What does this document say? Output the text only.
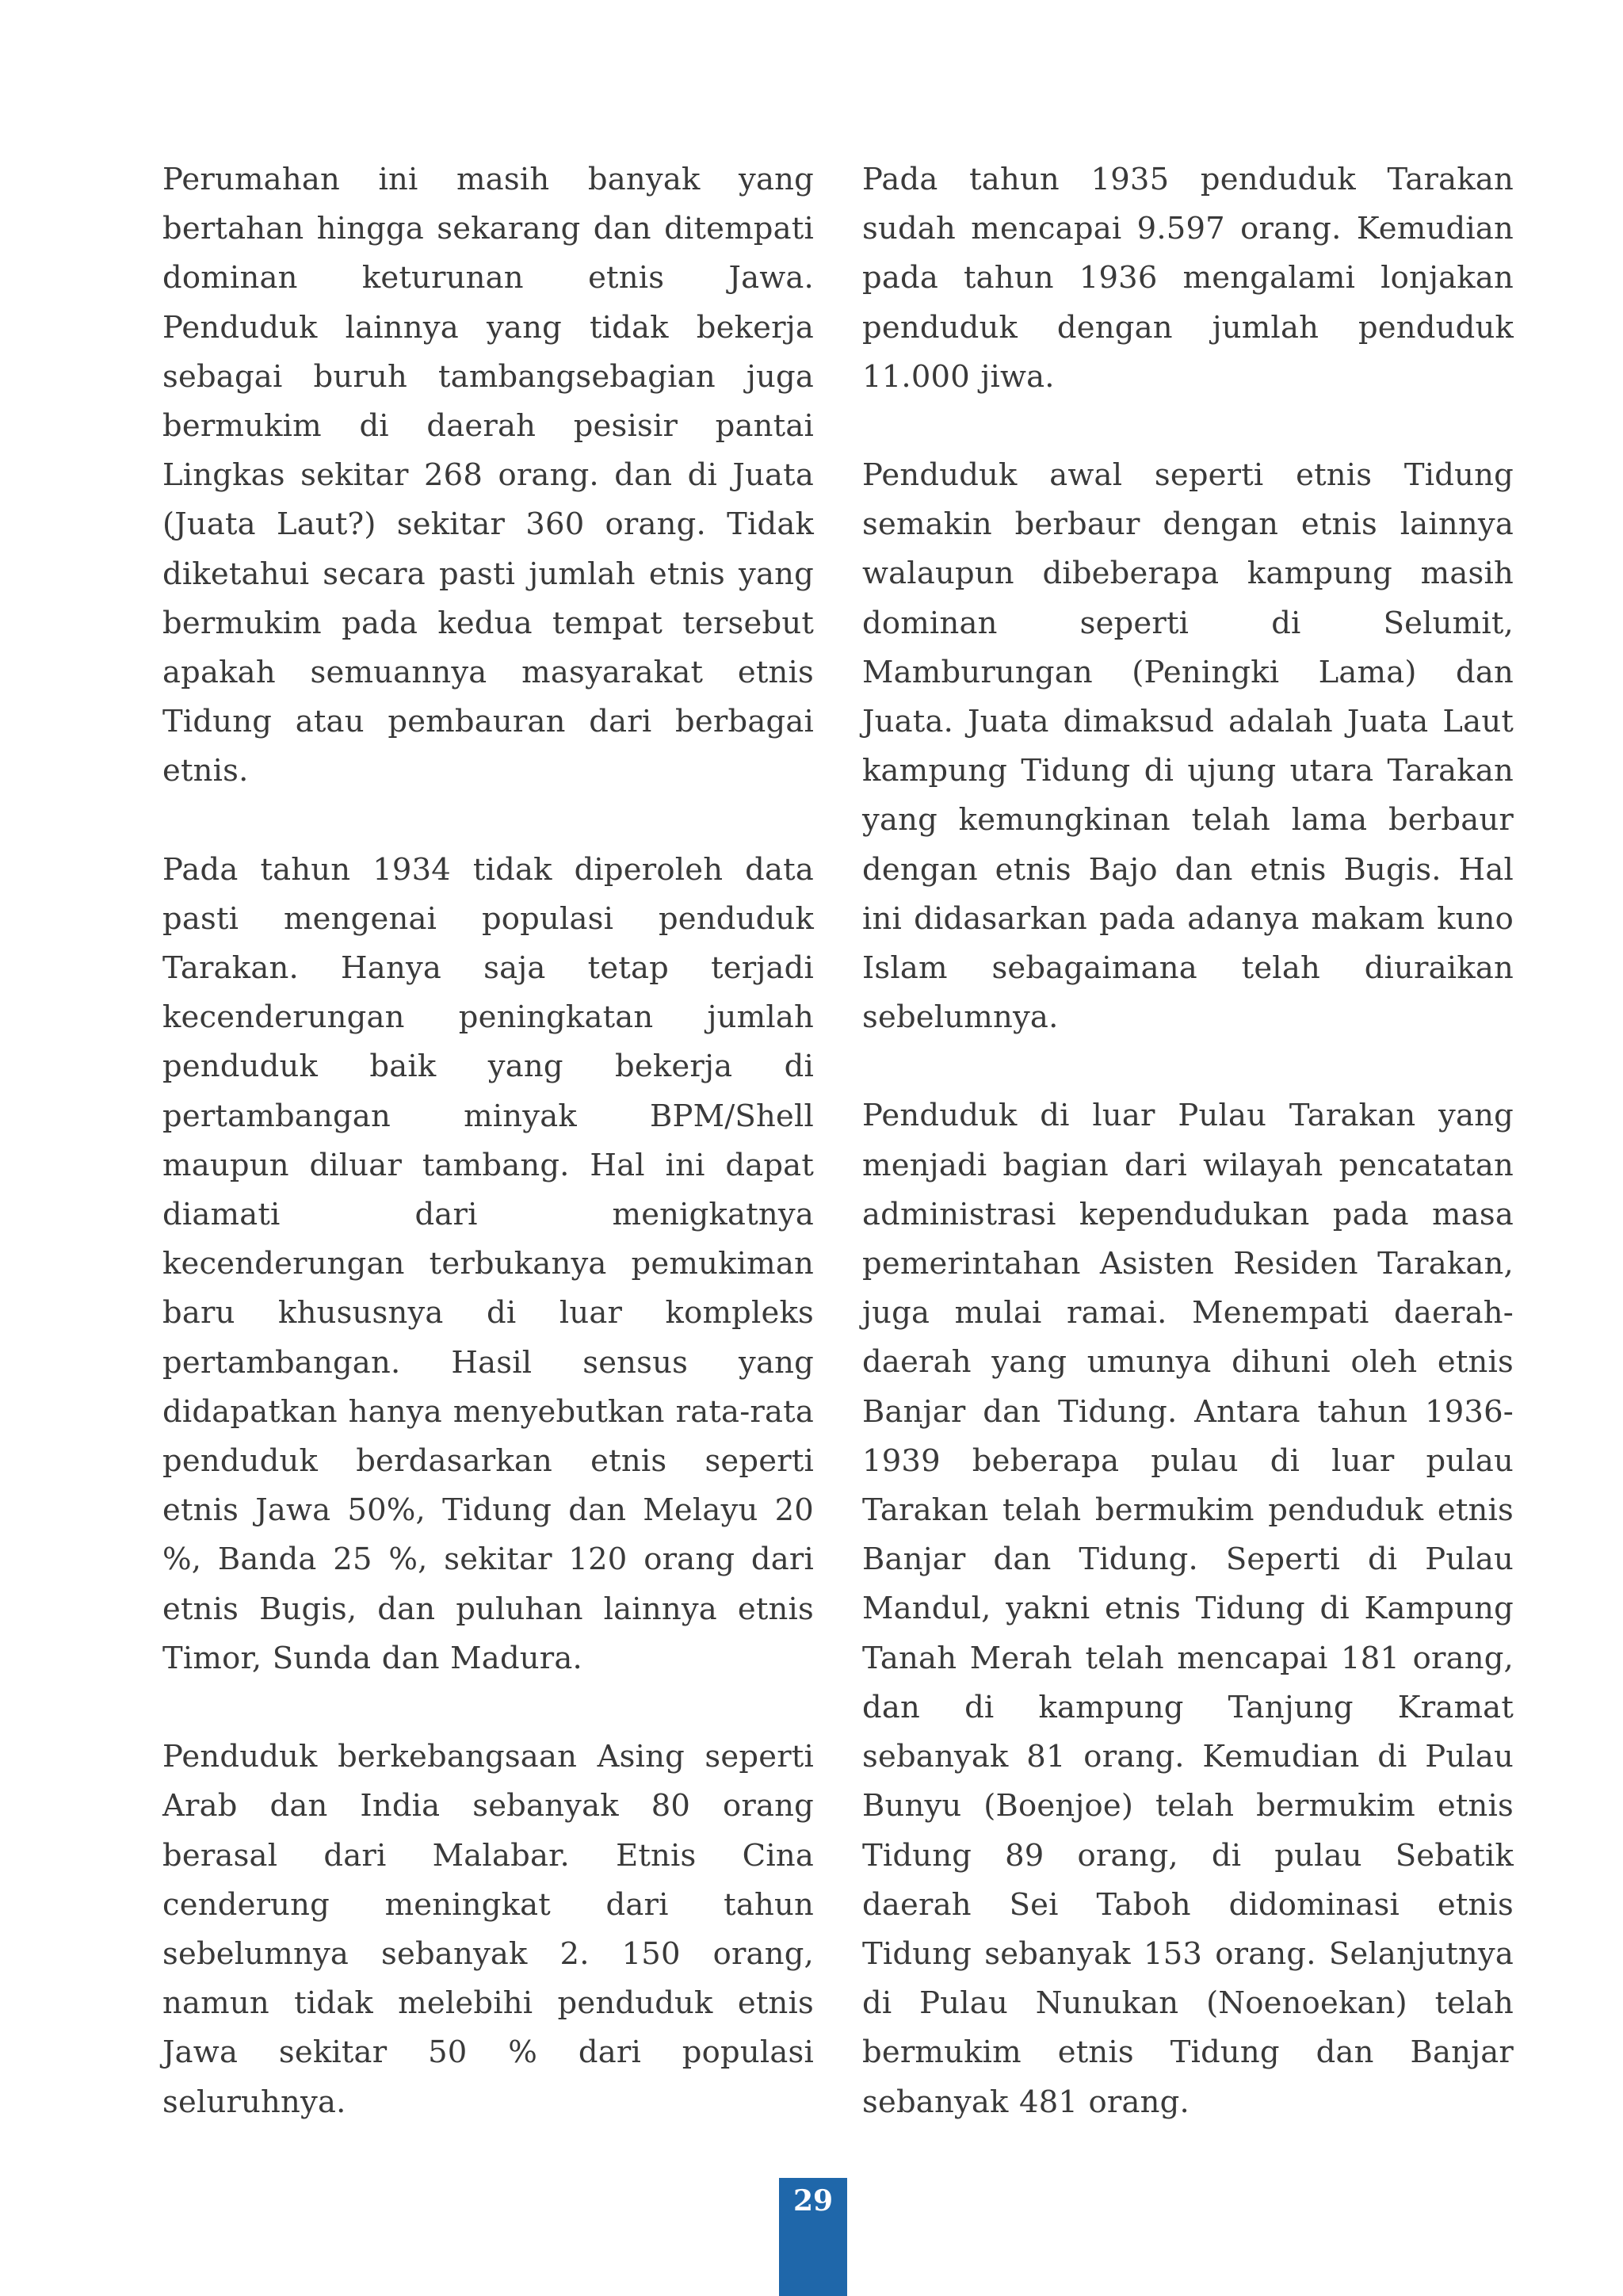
Perumahan ini masih banyak yang bertahan hingga sekarang dan ditempati dominan keturunan etnis Jawa. Penduduk lainnya yang tidak bekerja sebagai buruh tambangsebagian juga bermukim di daerah pesisir pantai Lingkas sekitar 268 orang. dan di Juata (Juata Laut?) sekitar 360 orang. Tidak diketahui secara pasti jumlah etnis yang bermukim pada kedua tempat tersebut apakah semuannya masyarakat etnis Tidung atau pembauran dari berbagai etnis.

Pada tahun 1934 tidak diperoleh data pasti mengenai populasi penduduk Tarakan. Hanya saja tetap terjadi kecenderungan peningkatan jumlah penduduk baik yang bekerja di pertambangan minyak BPM/Shell maupun diluar tambang. Hal ini dapat diamati dari menigkatnya kecenderungan terbukanya pemukiman baru khususnya di luar kompleks pertambangan. Hasil sensus yang didapatkan hanya menyebutkan rata-rata penduduk berdasarkan etnis seperti etnis Jawa 50%, Tidung dan Melayu 20 %, Banda 25 %, sekitar 120 orang dari etnis Bugis, dan puluhan lainnya etnis Timor, Sunda dan Madura.

Penduduk berkebangsaan Asing seperti Arab dan India sebanyak 80 orang berasal dari Malabar. Etnis Cina cenderung meningkat dari tahun sebelumnya sebanyak 2. 150 orang, namun tidak melebihi penduduk etnis Jawa sekitar 50 % dari populasi seluruhnya.

Pada tahun 1935 penduduk Tarakan sudah mencapai 9.597 orang. Kemudian pada tahun 1936 mengalami lonjakan penduduk dengan jumlah penduduk 11.000 jiwa.

Penduduk awal seperti etnis Tidung semakin berbaur dengan etnis lainnya walaupun dibeberapa kampung masih dominan seperti di Selumit, Mamburungan (Peningki Lama) dan Juata. Juata dimaksud adalah Juata Laut kampung Tidung di ujung utara Tarakan yang kemungkinan telah lama berbaur dengan etnis Bajo dan etnis Bugis. Hal ini didasarkan pada adanya makam kuno Islam sebagaimana telah diuraikan sebelumnya.

Penduduk di luar Pulau Tarakan yang menjadi bagian dari wilayah pencatatan administrasi kependudukan pada masa pemerintahan Asisten Residen Tarakan, juga mulai ramai. Menempati daerah-daerah yang umunya dihuni oleh etnis Banjar dan Tidung. Antara tahun 1936-1939 beberapa pulau di luar pulau Tarakan telah bermukim penduduk etnis Banjar dan Tidung. Seperti di Pulau Mandul, yakni etnis Tidung di Kampung Tanah Merah telah mencapai 181 orang, dan di kampung Tanjung Kramat sebanyak 81 orang. Kemudian di Pulau Bunyu (Boenjoe) telah bermukim etnis Tidung 89 orang, di pulau Sebatik daerah Sei Taboh didominasi etnis Tidung sebanyak 153 orang. Selanjutnya di Pulau Nunukan (Noenoekan) telah bermukim etnis Tidung dan Banjar sebanyak 481 orang.

29
